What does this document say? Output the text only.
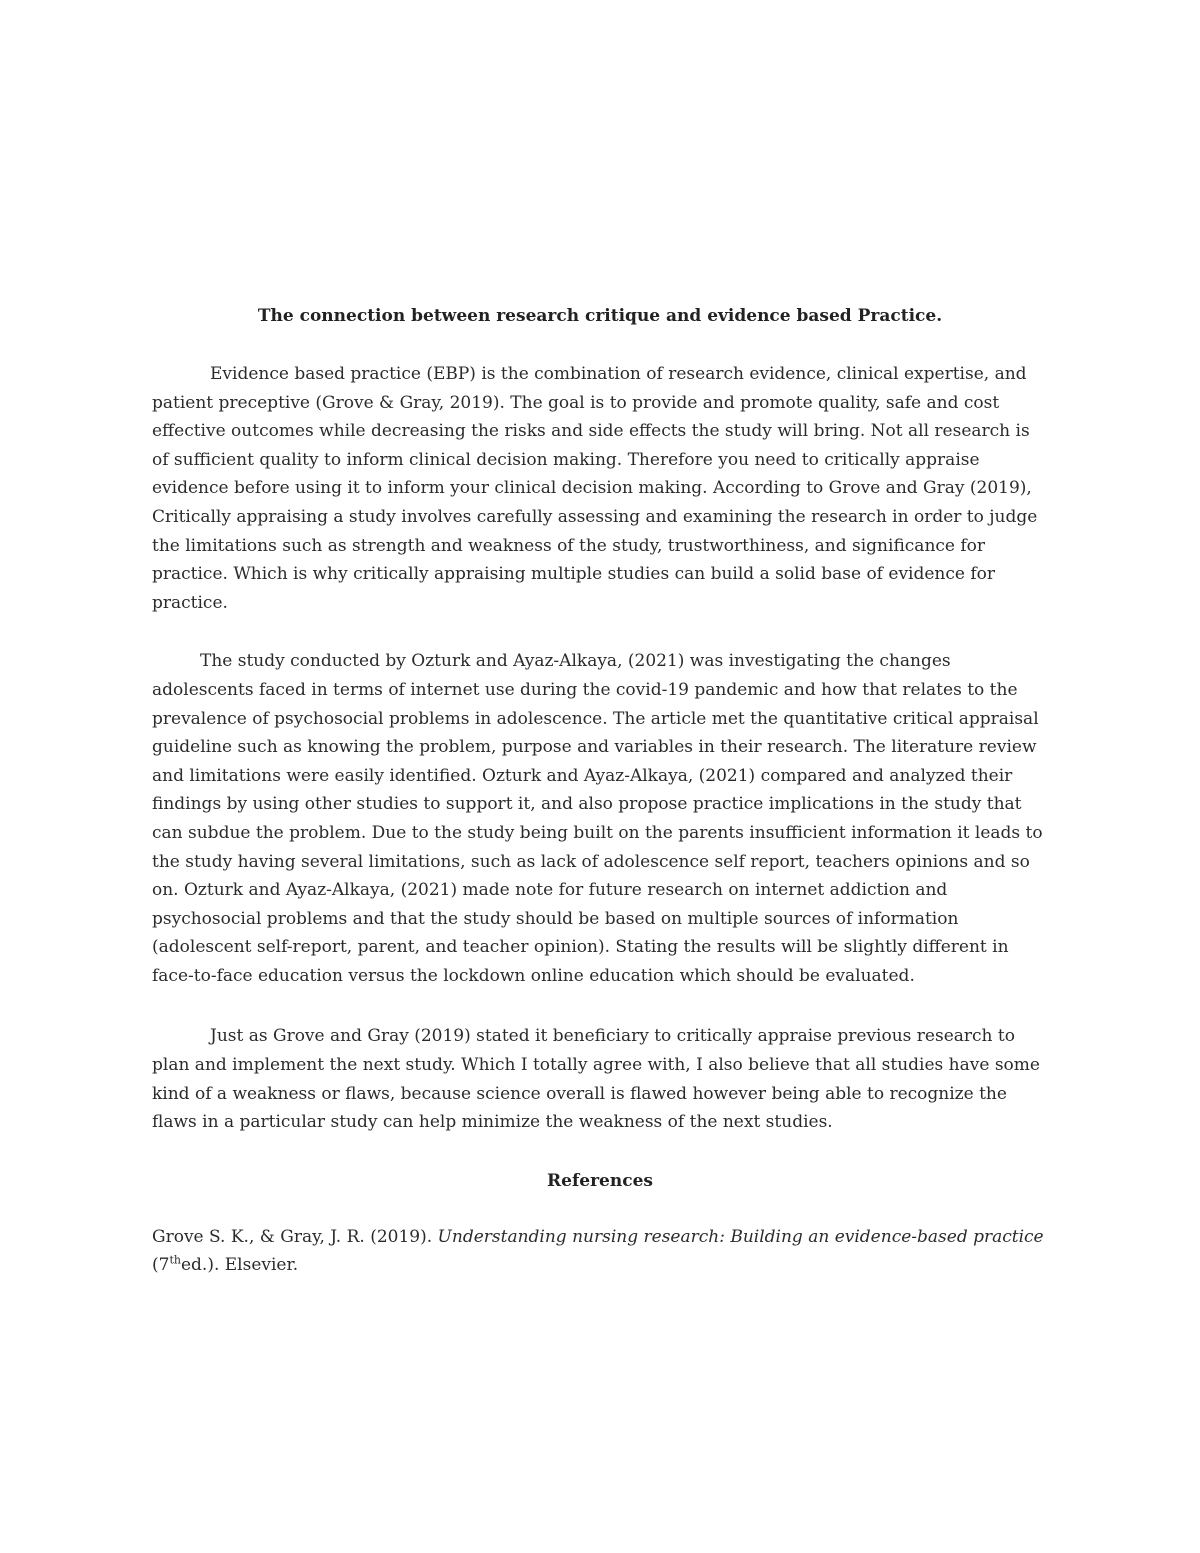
The connection between research critique and evidence based Practice.

Evidence based practice (EBP) is the combination of research evidence, clinical expertise, and patient preceptive (Grove & Gray, 2019). The goal is to provide and promote quality, safe and cost effective outcomes while decreasing the risks and side effects the study will bring. Not all research is of sufficient quality to inform clinical decision making. Therefore you need to critically appraise evidence before using it to inform your clinical decision making. According to Grove and Gray (2019), Critically appraising a study involves carefully assessing and examining the research in order to judge the limitations such as strength and weakness of the study, trustworthiness, and significance for practice. Which is why critically appraising multiple studies can build a solid base of evidence for practice.

The study conducted by Ozturk and Ayaz-Alkaya, (2021) was investigating the changes adolescents faced in terms of internet use during the covid-19 pandemic and how that relates to the prevalence of psychosocial problems in adolescence. The article met the quantitative critical appraisal guideline such as knowing the problem, purpose and variables in their research. The literature review and limitations were easily identified. Ozturk and Ayaz-Alkaya, (2021) compared and analyzed their findings by using other studies to support it, and also propose practice implications in the study that can subdue the problem. Due to the study being built on the parents insufficient information it leads to the study having several limitations, such as lack of adolescence self report, teachers opinions and so on. Ozturk and Ayaz-Alkaya, (2021) made note for future research on internet addiction and psychosocial problems and that the study should be based on multiple sources of information (adolescent self-report, parent, and teacher opinion). Stating the results will be slightly different in face-to-face education versus the lockdown online education which should be evaluated.

Just as Grove and Gray (2019) stated it beneficiary to critically appraise previous research to plan and implement the next study. Which I totally agree with, I also believe that all studies have some kind of a weakness or flaws, because science overall is flawed however being able to recognize the flaws in a particular study can help minimize the weakness of the next studies.

References

Grove S. K., & Gray, J. R. (2019). Understanding nursing research: Building an evidence-based practice (7thed.). Elsevier.
